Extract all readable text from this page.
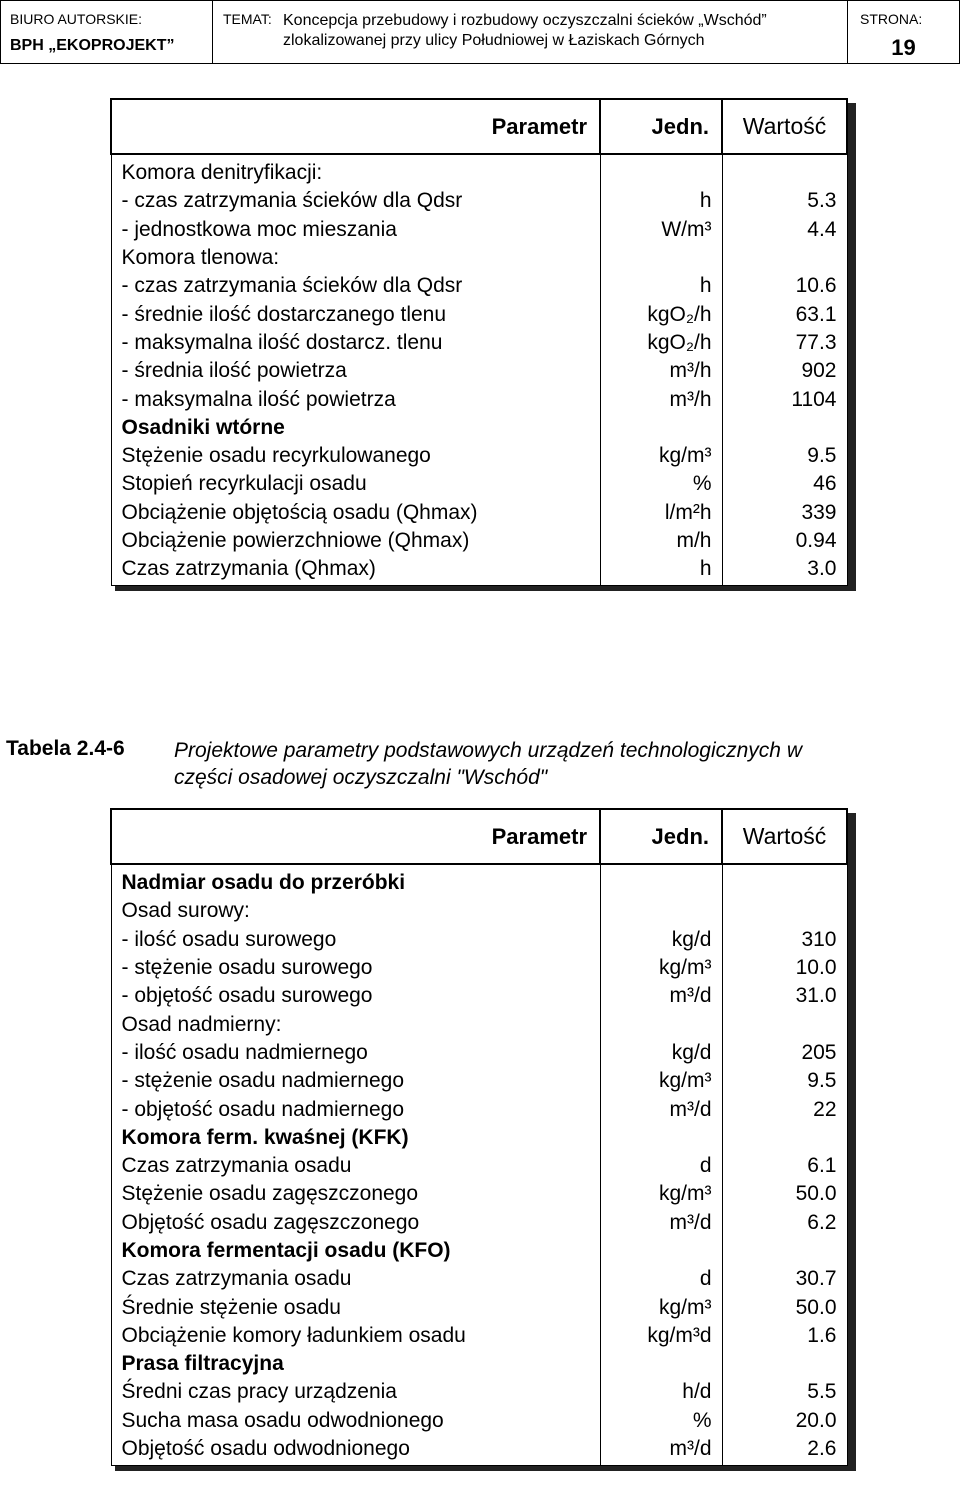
BIURO AUTORSKIE:
BPH „EKOPROJEKT”
TEMAT: Koncepcja przebudowy i rozbudowy oczyszczalni ścieków „Wschód”
zlokalizowanej przy ulicy Południowej w Łaziskach Górnych
STRONA:
19
Parametr	Jedn.	Wartość
Komora denitryfikacji:		
- czas zatrzymania ścieków dla Qdsr	h	5.3
- jednostkowa moc mieszania	W/m³	4.4
Komora tlenowa:		
- czas zatrzymania ścieków dla Qdsr	h	10.6
- średnie ilość dostarczanego tlenu	kgO₂/h	63.1
- maksymalna ilość dostarcz. tlenu	kgO₂/h	77.3
- średnia ilość powietrza	m³/h	902
- maksymalna ilość powietrza	m³/h	1104
Osadniki wtórne		
Stężenie osadu recyrkulowanego	kg/m³	9.5
Stopień recyrkulacji osadu	%	46
Obciążenie objętością osadu (Qhmax)	l/m²h	339
Obciążenie powierzchniowe (Qhmax)	m/h	0.94
Czas zatrzymania (Qhmax)	h	3.0
Tabela 2.4-6 Projektowe parametry podstawowych urządzeń technologicznych w części osadowej oczyszczalni "Wschód"
Parametr	Jedn.	Wartość
Nadmiar osadu do przeróbki		
Osad surowy:		
- ilość osadu surowego	kg/d	310
- stężenie osadu surowego	kg/m³	10.0
- objętość osadu surowego	m³/d	31.0
Osad nadmierny:		
- ilość osadu nadmiernego	kg/d	205
- stężenie osadu nadmiernego	kg/m³	9.5
- objętość osadu nadmiernego	m³/d	22
Komora ferm. kwaśnej (KFK)		
Czas zatrzymania osadu	d	6.1
Stężenie osadu zagęszczonego	kg/m³	50.0
Objętość osadu zagęszczonego	m³/d	6.2
Komora fermentacji osadu (KFO)		
Czas zatrzymania osadu	d	30.7
Średnie stężenie osadu	kg/m³	50.0
Obciążenie komory ładunkiem osadu	kg/m³d	1.6
Prasa filtracyjna		
Średni czas pracy urządzenia	h/d	5.5
Sucha masa osadu odwodnionego	%	20.0
Objętość osadu odwodnionego	m³/d	2.6
